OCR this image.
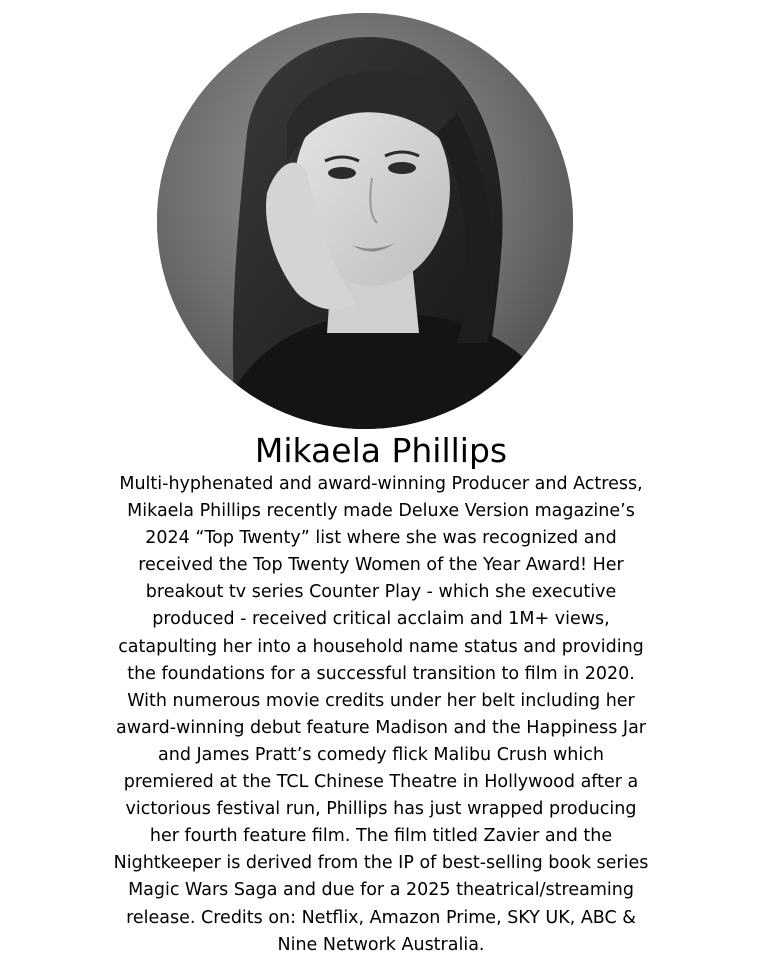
Mikaela Phillips

Multi-hyphenated and award-winning Producer and Actress,
Mikaela Phillips recently made Deluxe Version magazine’s
2024 “Top Twenty” list where she was recognized and
received the Top Twenty Women of the Year Award! Her
breakout tv series Counter Play - which she executive
produced - received critical acclaim and 1M+ views,
catapulting her into a household name status and providing
the foundations for a successful transition to film in 2020.
With numerous movie credits under her belt including her
award-winning debut feature Madison and the Happiness Jar
and James Pratt’s comedy flick Malibu Crush which
premiered at the TCL Chinese Theatre in Hollywood after a
victorious festival run, Phillips has just wrapped producing
her fourth feature film. The film titled Zavier and the
Nightkeeper is derived from the IP of best-selling book series
Magic Wars Saga and due for a 2025 theatrical/streaming
release. Credits on: Netflix, Amazon Prime, SKY UK, ABC &
Nine Network Australia.
